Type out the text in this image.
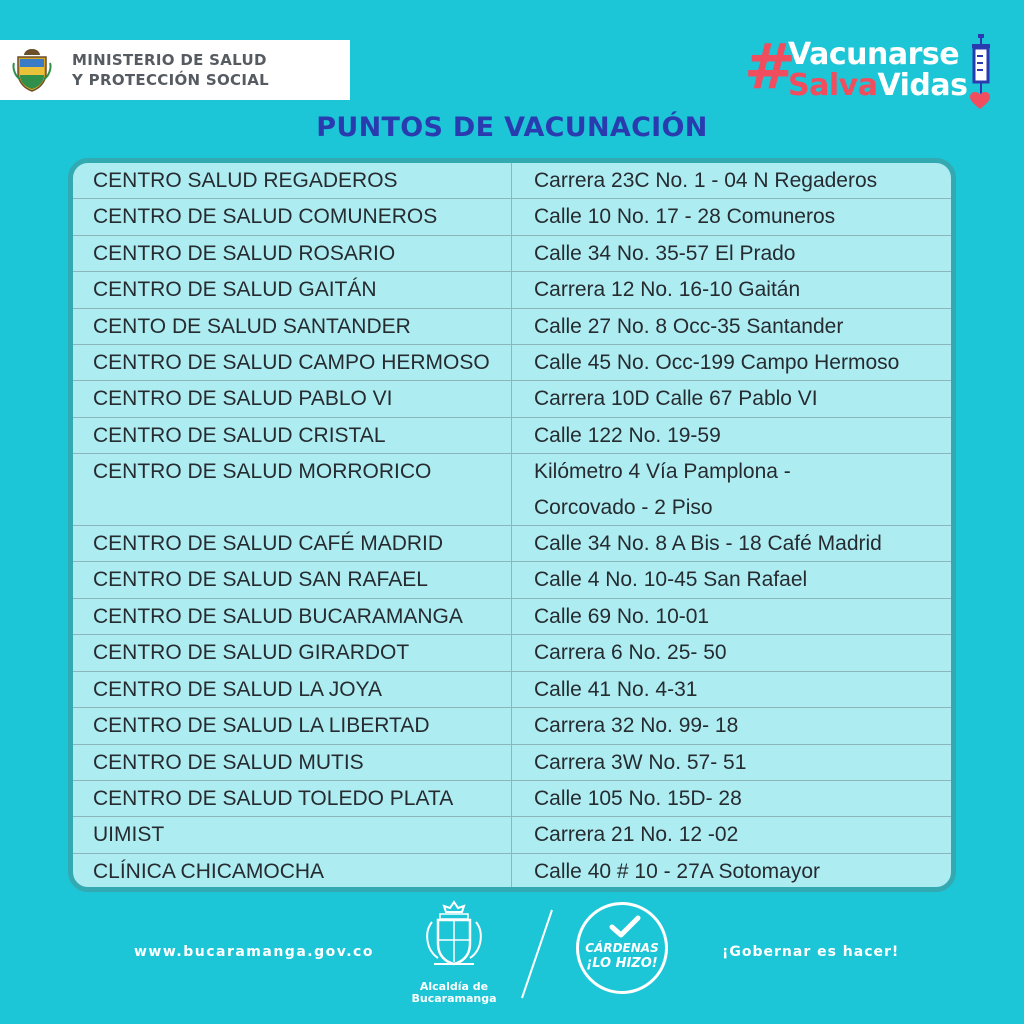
MINISTERIO DE SALUD
Y PROTECCIÓN SOCIAL	#
Vacunarse
SalvaVidas
PUNTOS DE VACUNACIÓN
CENTRO SALUD REGADEROS	Carrera 23C No. 1 - 04 N Regaderos
CENTRO DE SALUD COMUNEROS	Calle 10 No. 17 - 28 Comuneros
CENTRO DE SALUD ROSARIO	Calle 34 No. 35-57 El Prado
CENTRO DE SALUD GAITÁN	Carrera 12 No. 16-10 Gaitán
CENTO DE SALUD SANTANDER	Calle 27 No. 8 Occ-35 Santander
CENTRO DE SALUD CAMPO HERMOSO	Calle 45 No. Occ-199 Campo Hermoso
CENTRO DE SALUD PABLO VI	Carrera 10D Calle 67 Pablo VI
CENTRO DE SALUD CRISTAL	Calle 122 No. 19-59
CENTRO DE SALUD MORRORICO	Kilómetro 4 Vía Pamplona -
Corcovado - 2 Piso
CENTRO DE SALUD CAFÉ MADRID	Calle 34 No. 8 A Bis - 18 Café Madrid
CENTRO DE SALUD SAN RAFAEL	Calle 4 No. 10-45 San Rafael
CENTRO DE SALUD BUCARAMANGA	Calle 69 No. 10-01
CENTRO DE SALUD GIRARDOT	Carrera 6 No. 25- 50
CENTRO DE SALUD LA JOYA	Calle 41 No. 4-31
CENTRO DE SALUD LA LIBERTAD	Carrera 32 No. 99- 18
CENTRO DE SALUD MUTIS	Carrera 3W No. 57- 51
CENTRO DE SALUD TOLEDO PLATA	Calle 105 No. 15D- 28
UIMIST	Carrera 21 No. 12 -02
CLÍNICA CHICAMOCHA	Calle 40 # 10 - 27A Sotomayor
www.bucaramanga.gov.co
Alcaldía de
Bucaramanga
CÁRDENAS
¡LO HIZO!
¡Gobernar es hacer!
